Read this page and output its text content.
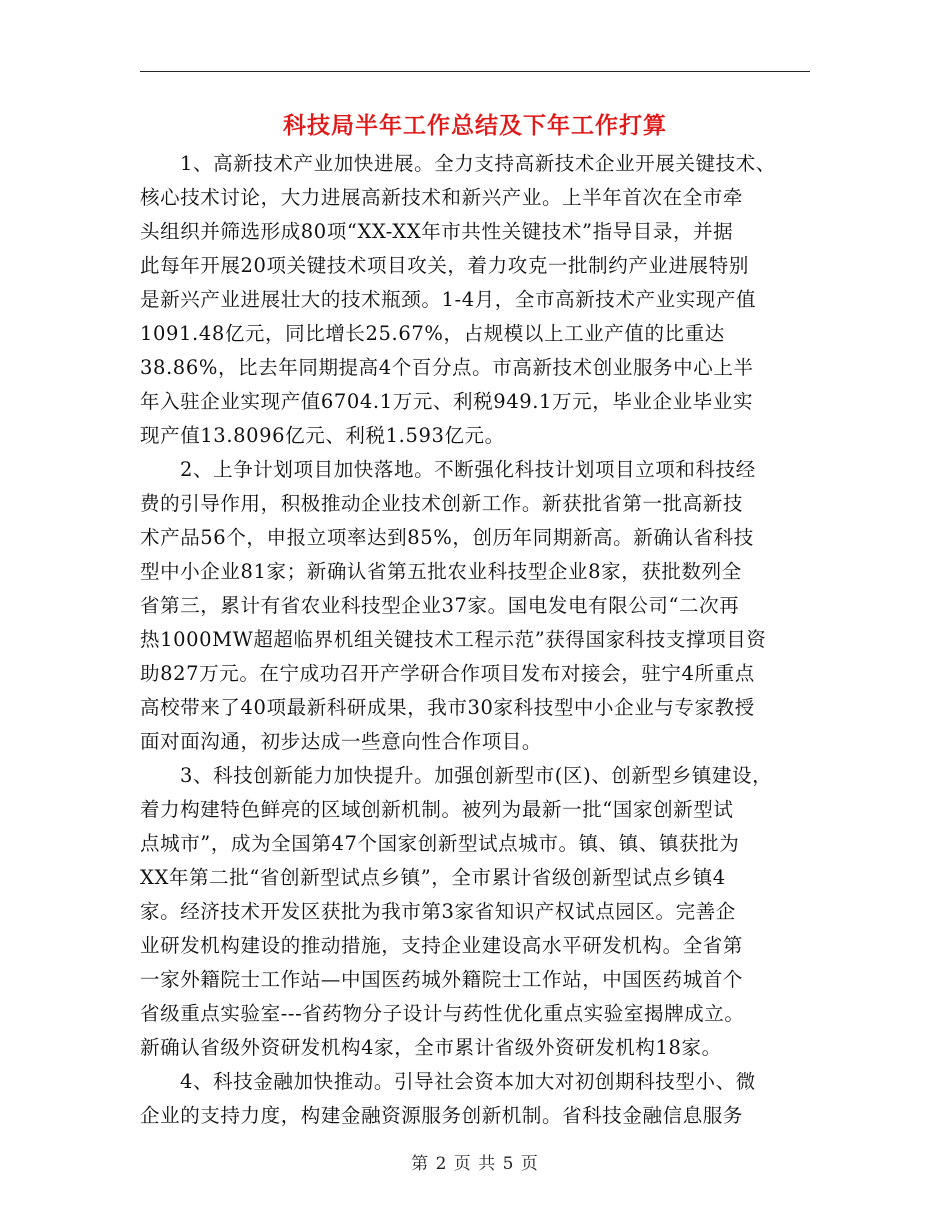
科技局半年工作总结及下年工作打算
1、高新技术产业加快进展。全力支持高新技术企业开展关键技术、
核心技术讨论，大力进展高新技术和新兴产业。上半年首次在全市牵
头组织并筛选形成80项“XX-XX年市共性关键技术”指导目录，并据
此每年开展20项关键技术项目攻关，着力攻克一批制约产业进展特别
是新兴产业进展壮大的技术瓶颈。1-4月，全市高新技术产业实现产值
1091.48亿元，同比增长25.67%，占规模以上工业产值的比重达
38.86%，比去年同期提高4个百分点。市高新技术创业服务中心上半
年入驻企业实现产值6704.1万元、利税949.1万元，毕业企业毕业实
现产值13.8096亿元、利税1.593亿元。
2、上争计划项目加快落地。不断强化科技计划项目立项和科技经
费的引导作用，积极推动企业技术创新工作。新获批省第一批高新技
术产品56个，申报立项率达到85%，创历年同期新高。新确认省科技
型中小企业81家；新确认省第五批农业科技型企业8家，获批数列全
省第三，累计有省农业科技型企业37家。国电发电有限公司“二次再
热1000MW超超临界机组关键技术工程示范”获得国家科技支撑项目资
助827万元。在宁成功召开产学研合作项目发布对接会，驻宁4所重点
高校带来了40项最新科研成果，我市30家科技型中小企业与专家教授
面对面沟通，初步达成一些意向性合作项目。
3、科技创新能力加快提升。加强创新型市(区)、创新型乡镇建设，
着力构建特色鲜亮的区域创新机制。被列为最新一批“国家创新型试
点城市”，成为全国第47个国家创新型试点城市。镇、镇、镇获批为
XX年第二批“省创新型试点乡镇”，全市累计省级创新型试点乡镇4
家。经济技术开发区获批为我市第3家省知识产权试点园区。完善企
业研发机构建设的推动措施，支持企业建设高水平研发机构。全省第
一家外籍院士工作站—中国医药城外籍院士工作站，中国医药城首个
省级重点实验室---省药物分子设计与药性优化重点实验室揭牌成立。
新确认省级外资研发机构4家，全市累计省级外资研发机构18家。
4、科技金融加快推动。引导社会资本加大对初创期科技型小、微
企业的支持力度，构建金融资源服务创新机制。省科技金融信息服务
第 2 页 共 5 页
